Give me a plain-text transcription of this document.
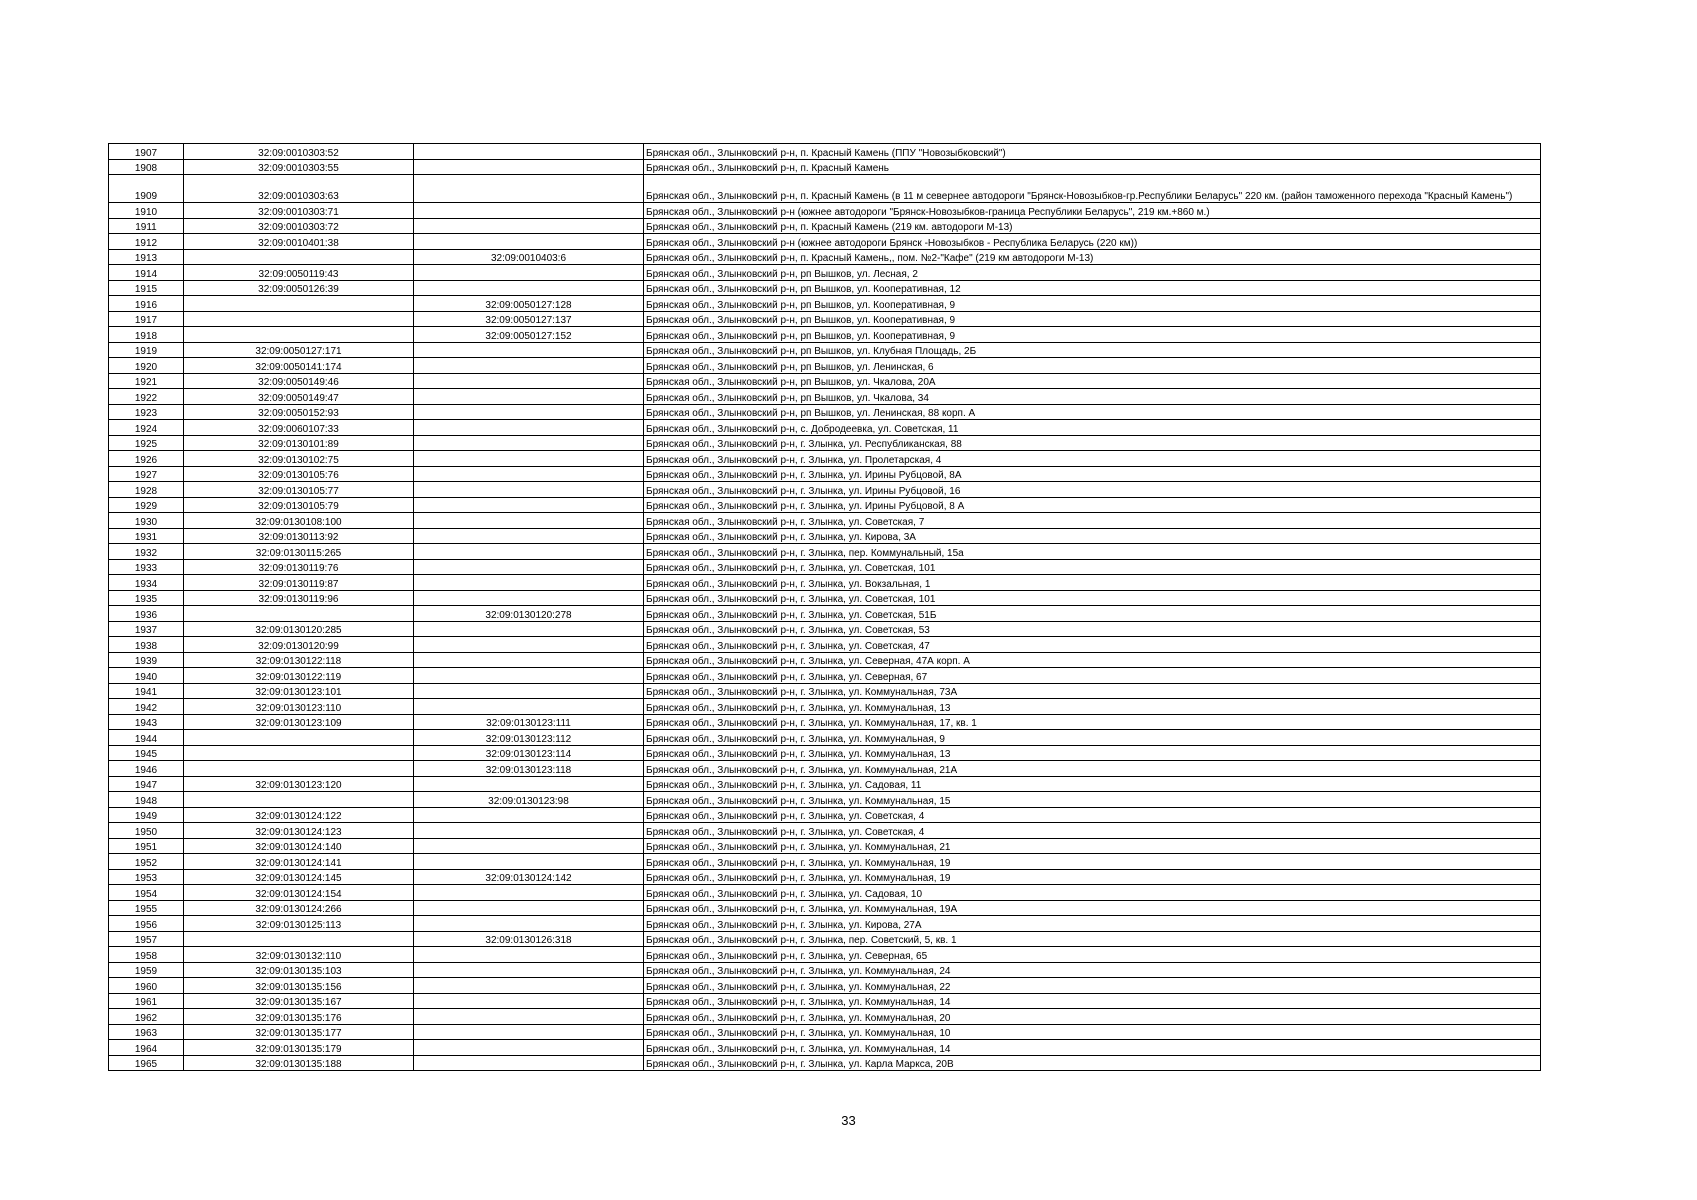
1907	32:09:0010303:52		Брянская обл., Злынковский р-н, п. Красный Камень (ППУ "Новозыбковский")
1908	32:09:0010303:55		Брянская обл., Злынковский р-н, п. Красный Камень
1909	32:09:0010303:63		Брянская обл., Злынковский р-н, п. Красный Камень (в 11 м севернее автодороги "Брянск-Новозыбков-гр.Республики Беларусь" 220 км. (район таможенного перехода "Красный Камень")
1910	32:09:0010303:71		Брянская обл., Злынковский р-н (южнее автодороги "Брянск-Новозыбков-граница Республики Беларусь", 219 км.+860 м.)
1911	32:09:0010303:72		Брянская обл., Злынковский р-н, п. Красный Камень (219 км. автодороги М-13)
1912	32:09:0010401:38		Брянская обл., Злынковский р-н (южнее автодороги Брянск -Новозыбков - Республика Беларусь (220 км))
1913		32:09:0010403:6	Брянская обл., Злынковский р-н, п. Красный Камень,, пом. №2-"Кафе" (219 км автодороги М-13)
1914	32:09:0050119:43		Брянская обл., Злынковский р-н, рп Вышков, ул. Лесная, 2
1915	32:09:0050126:39		Брянская обл., Злынковский р-н, рп Вышков, ул. Кооперативная, 12
1916		32:09:0050127:128	Брянская обл., Злынковский р-н, рп Вышков, ул. Кооперативная, 9
1917		32:09:0050127:137	Брянская обл., Злынковский р-н, рп Вышков, ул. Кооперативная, 9
1918		32:09:0050127:152	Брянская обл., Злынковский р-н, рп Вышков, ул. Кооперативная, 9
1919	32:09:0050127:171		Брянская обл., Злынковский р-н, рп Вышков, ул. Клубная Площадь, 2Б
1920	32:09:0050141:174		Брянская обл., Злынковский р-н, рп Вышков, ул. Ленинская, 6
1921	32:09:0050149:46		Брянская обл., Злынковский р-н, рп Вышков, ул. Чкалова, 20А
1922	32:09:0050149:47		Брянская обл., Злынковский р-н, рп Вышков, ул. Чкалова, 34
1923	32:09:0050152:93		Брянская обл., Злынковский р-н, рп Вышков, ул. Ленинская, 88 корп. А
1924	32:09:0060107:33		Брянская обл., Злынковский р-н, с. Добродеевка, ул. Советская, 11
1925	32:09:0130101:89		Брянская обл., Злынковский р-н, г. Злынка, ул. Республиканская, 88
1926	32:09:0130102:75		Брянская обл., Злынковский р-н, г. Злынка, ул. Пролетарская, 4
1927	32:09:0130105:76		Брянская обл., Злынковский р-н, г. Злынка, ул. Ирины Рубцовой, 8А
1928	32:09:0130105:77		Брянская обл., Злынковский р-н, г. Злынка, ул. Ирины Рубцовой, 16
1929	32:09:0130105:79		Брянская обл., Злынковский р-н, г. Злынка, ул. Ирины Рубцовой, 8 А
1930	32:09:0130108:100		Брянская обл., Злынковский р-н, г. Злынка, ул. Советская, 7
1931	32:09:0130113:92		Брянская обл., Злынковский р-н, г. Злынка, ул. Кирова, 3А
1932	32:09:0130115:265		Брянская обл., Злынковский р-н, г. Злынка, пер. Коммунальный, 15а
1933	32:09:0130119:76		Брянская обл., Злынковский р-н, г. Злынка, ул. Советская, 101
1934	32:09:0130119:87		Брянская обл., Злынковский р-н, г. Злынка, ул. Вокзальная, 1
1935	32:09:0130119:96		Брянская обл., Злынковский р-н, г. Злынка, ул. Советская, 101
1936		32:09:0130120:278	Брянская обл., Злынковский р-н, г. Злынка, ул. Советская, 51Б
1937	32:09:0130120:285		Брянская обл., Злынковский р-н, г. Злынка, ул. Советская, 53
1938	32:09:0130120:99		Брянская обл., Злынковский р-н, г. Злынка, ул. Советская, 47
1939	32:09:0130122:118		Брянская обл., Злынковский р-н, г. Злынка, ул. Северная, 47А корп. А
1940	32:09:0130122:119		Брянская обл., Злынковский р-н, г. Злынка, ул. Северная, 67
1941	32:09:0130123:101		Брянская обл., Злынковский р-н, г. Злынка, ул. Коммунальная, 73А
1942	32:09:0130123:110		Брянская обл., Злынковский р-н, г. Злынка, ул. Коммунальная, 13
1943	32:09:0130123:109	32:09:0130123:111	Брянская обл., Злынковский р-н, г. Злынка, ул. Коммунальная, 17, кв. 1
1944		32:09:0130123:112	Брянская обл., Злынковский р-н, г. Злынка, ул. Коммунальная, 9
1945		32:09:0130123:114	Брянская обл., Злынковский р-н, г. Злынка, ул. Коммунальная, 13
1946		32:09:0130123:118	Брянская обл., Злынковский р-н, г. Злынка, ул. Коммунальная, 21А
1947	32:09:0130123:120		Брянская обл., Злынковский р-н, г. Злынка, ул. Садовая, 11
1948		32:09:0130123:98	Брянская обл., Злынковский р-н, г. Злынка, ул. Коммунальная, 15
1949	32:09:0130124:122		Брянская обл., Злынковский р-н, г. Злынка, ул. Советская, 4
1950	32:09:0130124:123		Брянская обл., Злынковский р-н, г. Злынка, ул. Советская, 4
1951	32:09:0130124:140		Брянская обл., Злынковский р-н, г. Злынка, ул. Коммунальная, 21
1952	32:09:0130124:141		Брянская обл., Злынковский р-н, г. Злынка, ул. Коммунальная, 19
1953	32:09:0130124:145	32:09:0130124:142	Брянская обл., Злынковский р-н, г. Злынка, ул. Коммунальная, 19
1954	32:09:0130124:154		Брянская обл., Злынковский р-н, г. Злынка, ул. Садовая, 10
1955	32:09:0130124:266		Брянская обл., Злынковский р-н, г. Злынка, ул. Коммунальная, 19А
1956	32:09:0130125:113		Брянская обл., Злынковский р-н, г. Злынка, ул. Кирова, 27А
1957		32:09:0130126:318	Брянская обл., Злынковский р-н, г. Злынка, пер. Советский, 5, кв. 1
1958	32:09:0130132:110		Брянская обл., Злынковский р-н, г. Злынка, ул. Северная, 65
1959	32:09:0130135:103		Брянская обл., Злынковский р-н, г. Злынка, ул. Коммунальная, 24
1960	32:09:0130135:156		Брянская обл., Злынковский р-н, г. Злынка, ул. Коммунальная, 22
1961	32:09:0130135:167		Брянская обл., Злынковский р-н, г. Злынка, ул. Коммунальная, 14
1962	32:09:0130135:176		Брянская обл., Злынковский р-н, г. Злынка, ул. Коммунальная, 20
1963	32:09:0130135:177		Брянская обл., Злынковский р-н, г. Злынка, ул. Коммунальная, 10
1964	32:09:0130135:179		Брянская обл., Злынковский р-н, г. Злынка, ул. Коммунальная, 14
1965	32:09:0130135:188		Брянская обл., Злынковский р-н, г. Злынка, ул. Карла Маркса, 20В
33
